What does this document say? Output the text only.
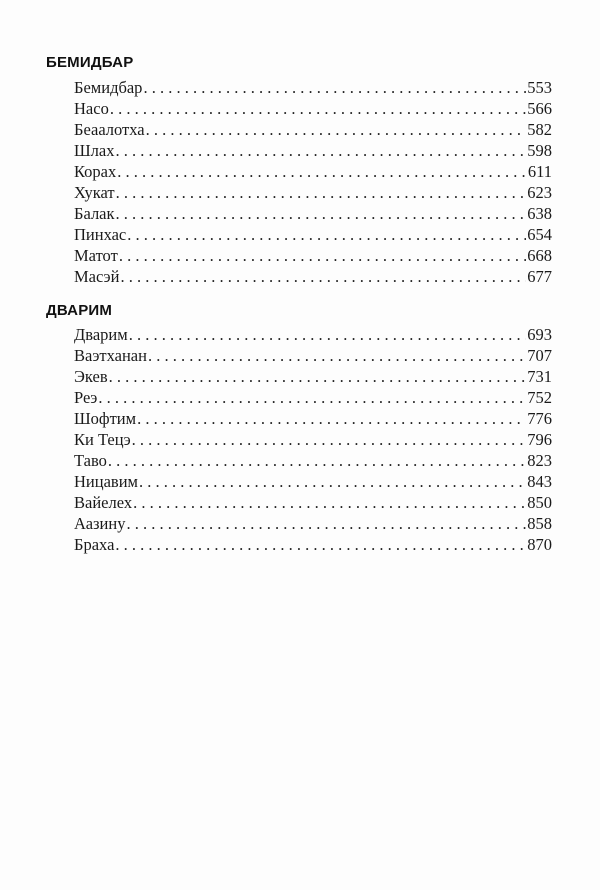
БЕМИДБАР
Бемидбар . . .	553
Насо . . .	566
Беаалотха . . .	582
Шлах . . .	598
Корах . . .	611
Хукат . . .	623
Балак . . .	638
Пинхас . . .	654
Матот . . .	668
Масэй . . .	677
ДВАРИМ
Дварим . . .	693
Ваэтханан . . .	707
Экев . . .	731
Реэ . . .	752
Шофтим . . .	776
Ки Тецэ . . .	796
Таво . . .	823
Ницавим . . .	843
Вайелех . . .	850
Аазину . . .	858
Браха . . .	870
